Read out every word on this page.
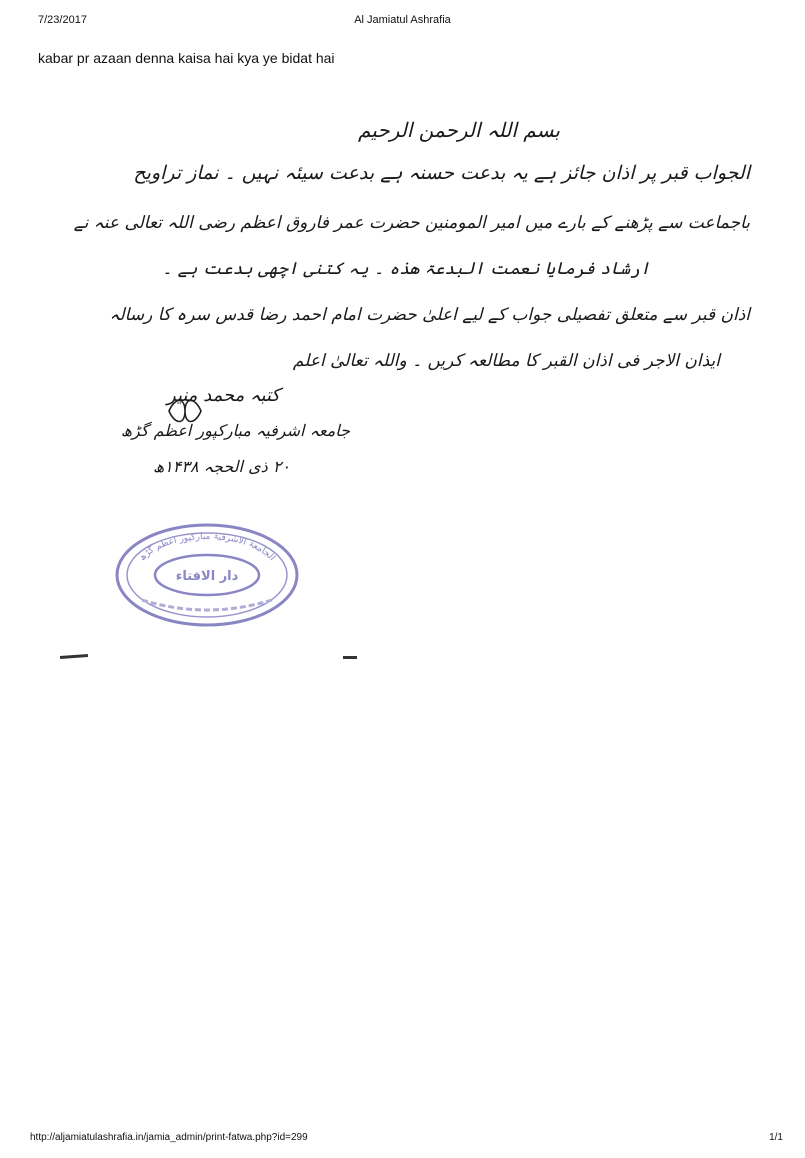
7/23/2017	Al Jamiatul Ashrafia
kabar pr azaan denna kaisa hai kya ye bidat hai
بسم اللہ الرحمن الرحیم
الجواب قبر پر اذان جائز ہے یہ بدعت حسنہ ہے بدعت سیئہ نہیں ۔ نماز تراویح
باجماعت سے پڑھنے کے بارے میں امیر المومنین حضرت عمر فاروق اعظم رضی اللہ تعالی عنہ نے
ارشاد فرمایا نعمت البدعۃ ھذہ ۔ یہ کتنی اچھی بدعت ہے ۔
اذان قبر سے متعلق تفصیلی جواب کے لیے اعلیٰ حضرت امام احمد رضا قدس سرہ کا رسالہ
ایذان الاجر فی اذان القبر کا مطالعہ کریں ۔ واللہ تعالیٰ اعلم
کتبہ محمد منیر
جامعہ اشرفیہ مبارکپور اعظم گڑھ
۲۰ ذی الحجہ ۱۴۳۸ھ
الجامعۃ الاشرفیۃ مبارکپور اعظم گڑھ
دار الافتاء
http://aljamiatulashrafia.in/jamia_admin/print-fatwa.php?id=299	1/1
